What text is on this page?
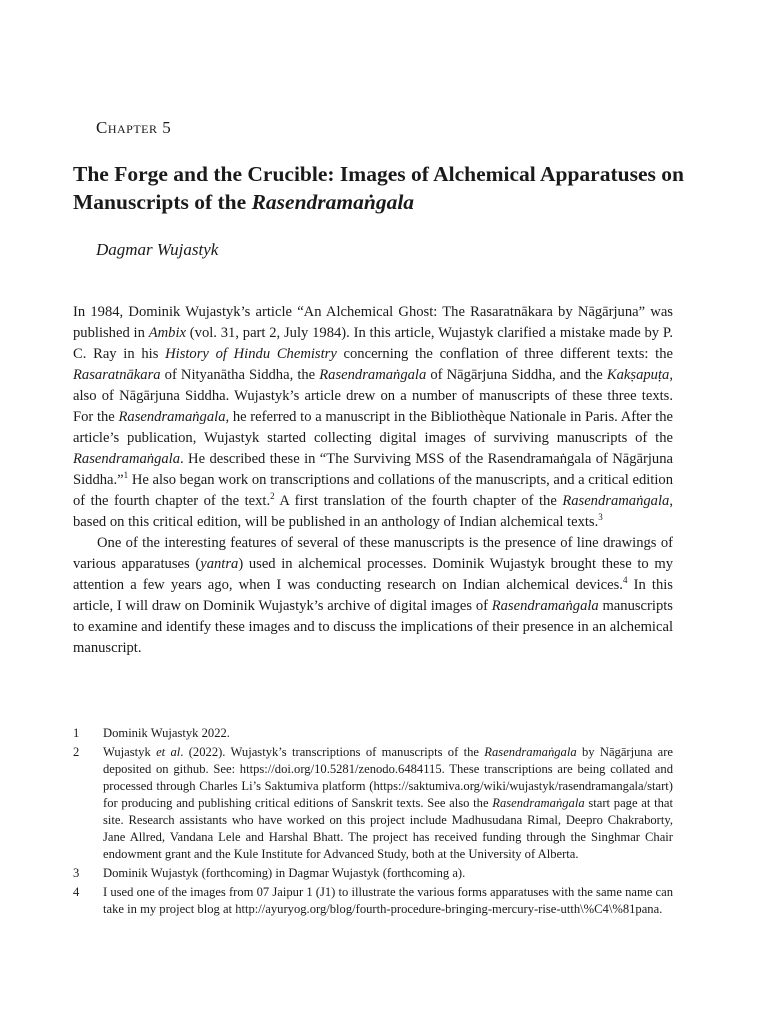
Chapter 5
The Forge and the Crucible: Images of Alchemical Apparatuses on Manuscripts of the Rasendramaṅgala
Dagmar Wujastyk

In 1984, Dominik Wujastyk’s article “An Alchemical Ghost: The Rasaratnākara by Nāgārjuna” was published in Ambix (vol. 31, part 2, July 1984). In this article, Wujastyk clarified a mistake made by P. C. Ray in his History of Hindu Chemistry concerning the conflation of three different texts: the Rasaratnākara of Nityanātha Siddha, the Rasendramaṅgala of Nāgārjuna Siddha, and the Kakṣapuṭa, also of Nāgārjuna Siddha. Wujastyk’s article drew on a number of manuscripts of these three texts. For the Rasendramaṅgala, he referred to a manuscript in the Bibliothèque Nationale in Paris. After the article’s publication, Wujastyk started collecting digital images of surviving manuscripts of the Rasendramaṅgala. He described these in “The Surviving MSS of the Rasendramaṅgala of Nāgārjuna Siddha.”$^1$ He also began work on transcriptions and collations of the manuscripts, and a critical edition of the fourth chapter of the text.$^2$ A first translation of the fourth chapter of the Rasendramaṅgala, based on this critical edition, will be published in an anthology of Indian alchemical texts.$^3$

One of the interesting features of several of these manuscripts is the presence of line drawings of various apparatuses (yantra) used in alchemical processes. Dominik Wujastyk brought these to my attention a few years ago, when I was conducting research on Indian alchemical devices.$^4$ In this article, I will draw on Dominik Wujastyk’s archive of digital images of Rasendramaṅgala manuscripts to examine and identify these images and to discuss the implications of their presence in an alchemical manuscript.

1	Dominik Wujastyk 2022.
2	Wujastyk et al. (2022). Wujastyk’s transcriptions of manuscripts of the Rasendramaṅgala by Nāgārjuna are deposited on github. See: https://doi.org/10.5281/zenodo.6484115. These transcriptions are being collated and processed through Charles Li’s Saktumiva platform (https://saktumiva.org/wiki/wujastyk/rasendramangala/start) for producing and publishing critical editions of Sanskrit texts. See also the Rasendramaṅgala start page at that site. Research assistants who have worked on this project include Madhusudana Rimal, Deepro Chakraborty, Jane Allred, Vandana Lele and Harshal Bhatt. The project has received funding through the Singhmar Chair endowment grant and the Kule Institute for Advanced Study, both at the University of Alberta.
3	Dominik Wujastyk (forthcoming) in Dagmar Wujastyk (forthcoming a).
4	I used one of the images from 07 Jaipur 1 (J1) to illustrate the various forms apparatuses with the same name can take in my project blog at http://ayuryog.org/blog/fourth-procedure-bringing-mercury-rise-utth\%C4\%81pana.
